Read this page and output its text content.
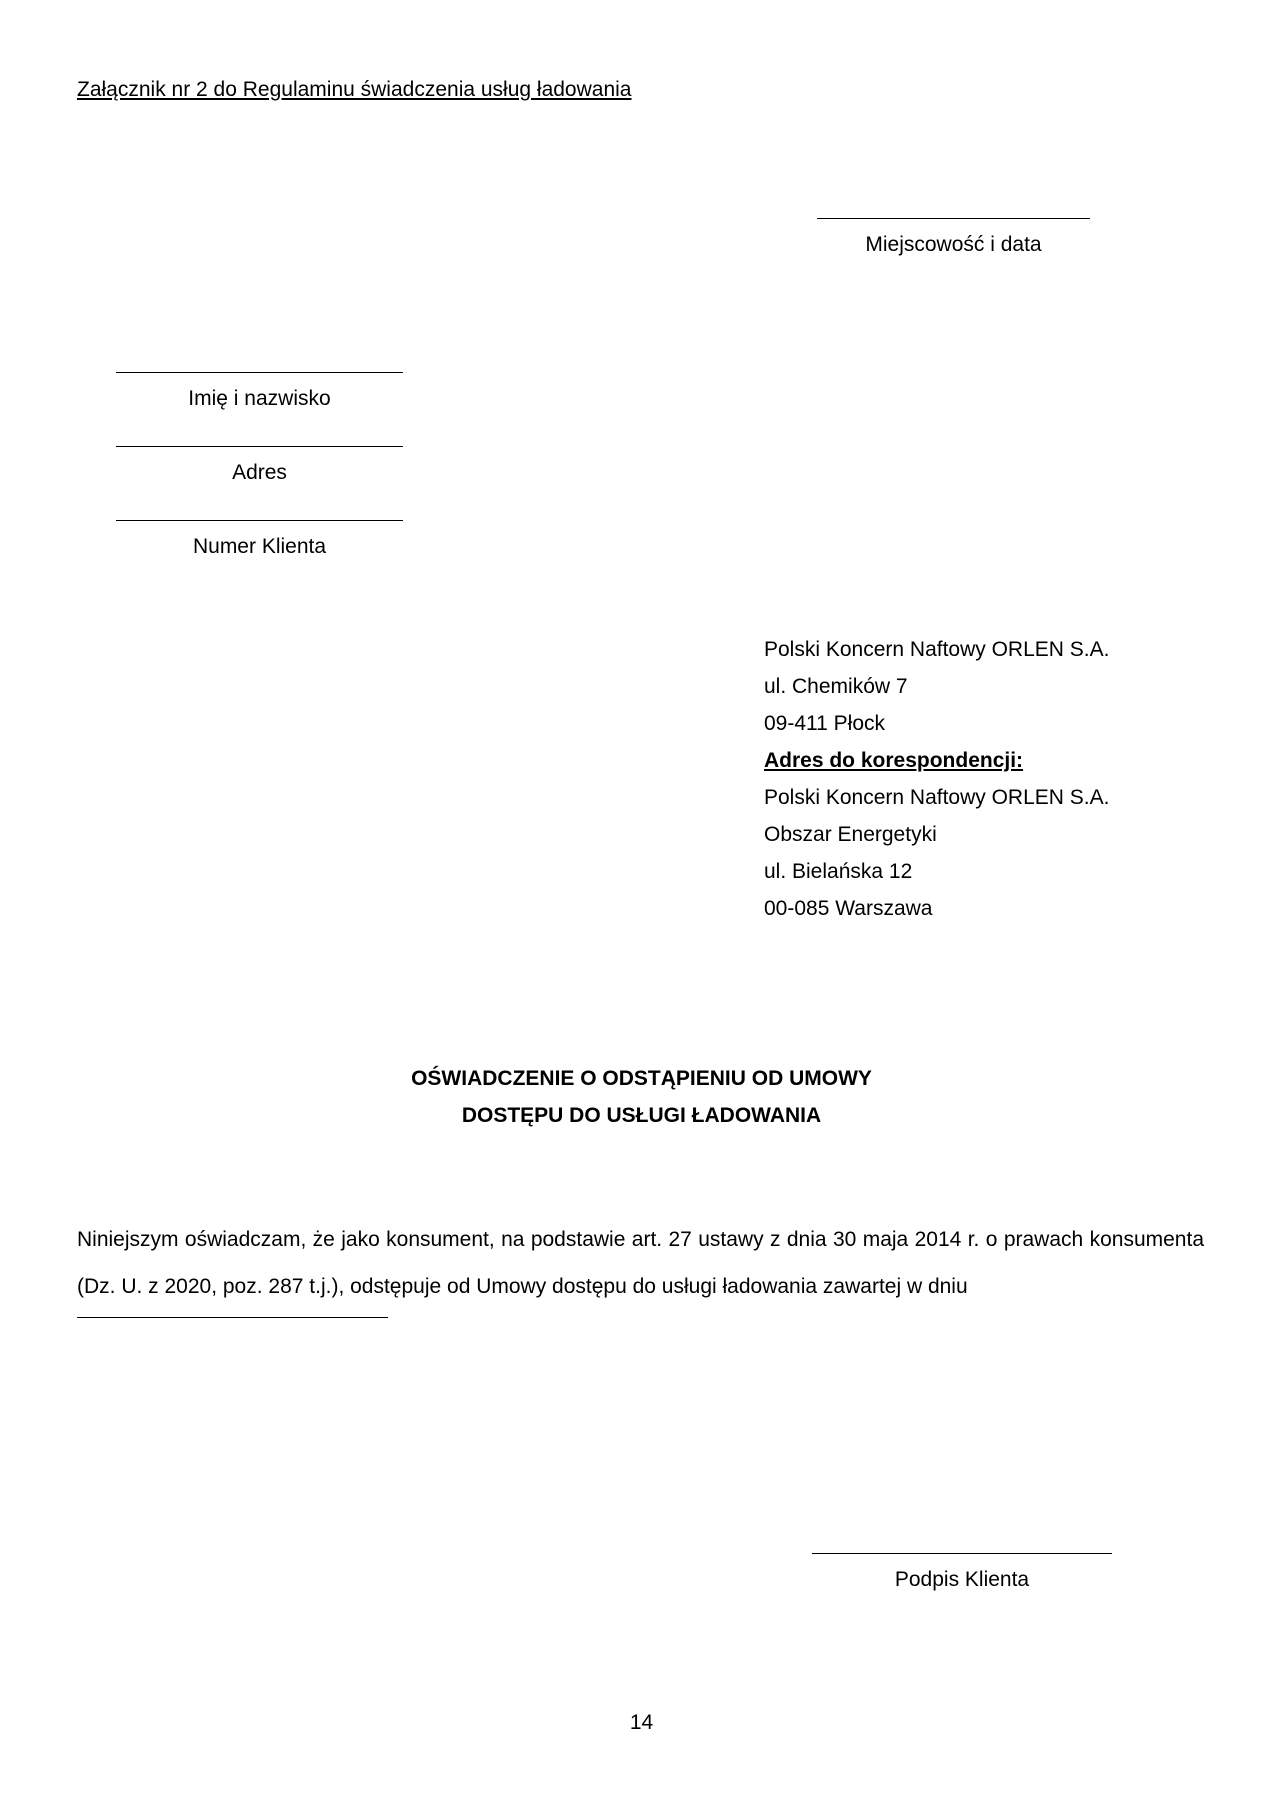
Załącznik nr 2 do Regulaminu świadczenia usług ładowania
Miejscowość i data
Imię i nazwisko
Adres
Numer Klienta
Polski Koncern Naftowy ORLEN S.A.
ul. Chemików 7
09-411 Płock
Adres do korespondencji:
Polski Koncern Naftowy ORLEN S.A.
Obszar Energetyki
ul. Bielańska 12
00-085 Warszawa
OŚWIADCZENIE O ODSTĄPIENIU OD UMOWY
DOSTĘPU DO USŁUGI ŁADOWANIA
Niniejszym oświadczam, że jako konsument, na podstawie art. 27 ustawy z dnia 30 maja 2014 r. o prawach konsumenta (Dz. U. z 2020, poz. 287 t.j.), odstępuje od Umowy dostępu do usługi ładowania zawartej w dniu
Podpis Klienta
14
